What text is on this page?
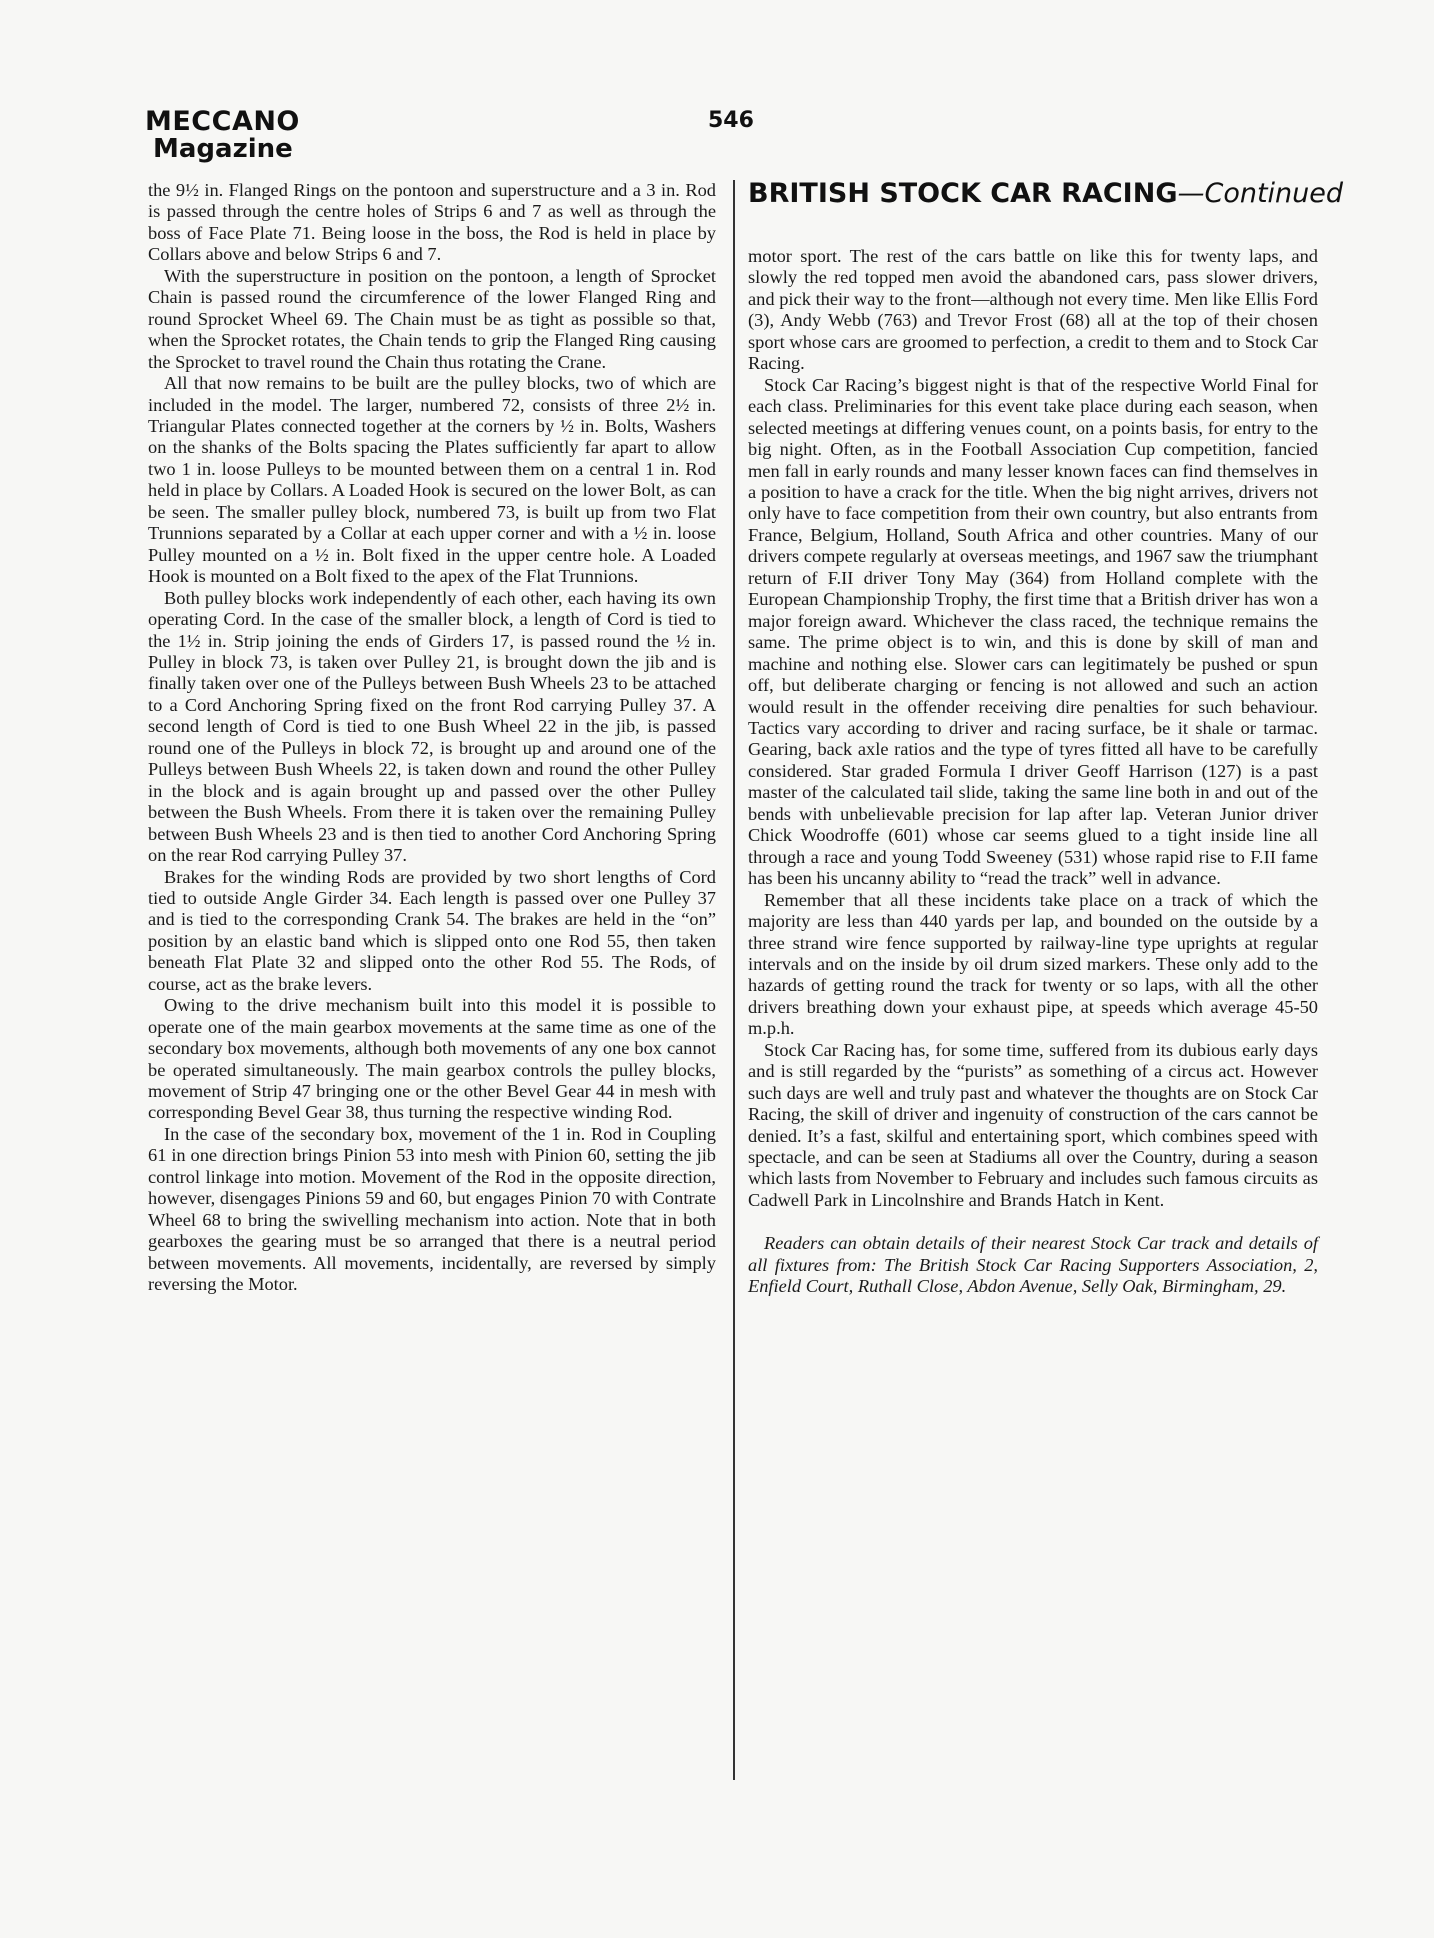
MECCANO
Magazine
546

the 9½ in. Flanged Rings on the pontoon and superstructure and a 3 in. Rod is passed through the centre holes of Strips 6 and 7 as well as through the boss of Face Plate 71. Being loose in the boss, the Rod is held in place by Collars above and below Strips 6 and 7.

With the superstructure in position on the pontoon, a length of Sprocket Chain is passed round the circumference of the lower Flanged Ring and round Sprocket Wheel 69. The Chain must be as tight as possible so that, when the Sprocket rotates, the Chain tends to grip the Flanged Ring causing the Sprocket to travel round the Chain thus rotating the Crane.

All that now remains to be built are the pulley blocks, two of which are included in the model. The larger, numbered 72, consists of three 2½ in. Triangular Plates connected together at the corners by ½ in. Bolts, Washers on the shanks of the Bolts spacing the Plates sufficiently far apart to allow two 1 in. loose Pulleys to be mounted between them on a central 1 in. Rod held in place by Collars. A Loaded Hook is secured on the lower Bolt, as can be seen. The smaller pulley block, numbered 73, is built up from two Flat Trunnions separated by a Collar at each upper corner and with a ½ in. loose Pulley mounted on a ½ in. Bolt fixed in the upper centre hole. A Loaded Hook is mounted on a Bolt fixed to the apex of the Flat Trunnions.

Both pulley blocks work independently of each other, each having its own operating Cord. In the case of the smaller block, a length of Cord is tied to the 1½ in. Strip joining the ends of Girders 17, is passed round the ½ in. Pulley in block 73, is taken over Pulley 21, is brought down the jib and is finally taken over one of the Pulleys between Bush Wheels 23 to be attached to a Cord Anchoring Spring fixed on the front Rod carrying Pulley 37. A second length of Cord is tied to one Bush Wheel 22 in the jib, is passed round one of the Pulleys in block 72, is brought up and around one of the Pulleys between Bush Wheels 22, is taken down and round the other Pulley in the block and is again brought up and passed over the other Pulley between the Bush Wheels. From there it is taken over the remaining Pulley between Bush Wheels 23 and is then tied to another Cord Anchoring Spring on the rear Rod carrying Pulley 37.

Brakes for the winding Rods are provided by two short lengths of Cord tied to outside Angle Girder 34. Each length is passed over one Pulley 37 and is tied to the corresponding Crank 54. The brakes are held in the “on” position by an elastic band which is slipped onto one Rod 55, then taken beneath Flat Plate 32 and slipped onto the other Rod 55. The Rods, of course, act as the brake levers.

Owing to the drive mechanism built into this model it is possible to operate one of the main gearbox movements at the same time as one of the secondary box movements, although both movements of any one box cannot be operated simultaneously. The main gearbox controls the pulley blocks, movement of Strip 47 bringing one or the other Bevel Gear 44 in mesh with corresponding Bevel Gear 38, thus turning the respective winding Rod.

In the case of the secondary box, movement of the 1 in. Rod in Coupling 61 in one direction brings Pinion 53 into mesh with Pinion 60, setting the jib control linkage into motion. Movement of the Rod in the opposite direction, however, disengages Pinions 59 and 60, but engages Pinion 70 with Contrate Wheel 68 to bring the swivelling mechanism into action. Note that in both gearboxes the gearing must be so arranged that there is a neutral period between movements. All movements, incidentally, are reversed by simply reversing the Motor.

BRITISH STOCK CAR RACING—Continued

motor sport. The rest of the cars battle on like this for twenty laps, and slowly the red topped men avoid the abandoned cars, pass slower drivers, and pick their way to the front—although not every time. Men like Ellis Ford (3), Andy Webb (763) and Trevor Frost (68) all at the top of their chosen sport whose cars are groomed to perfection, a credit to them and to Stock Car Racing.

Stock Car Racing’s biggest night is that of the respective World Final for each class. Preliminaries for this event take place during each season, when selected meetings at differing venues count, on a points basis, for entry to the big night. Often, as in the Football Association Cup competition, fancied men fall in early rounds and many lesser known faces can find themselves in a position to have a crack for the title. When the big night arrives, drivers not only have to face competition from their own country, but also entrants from France, Belgium, Holland, South Africa and other countries. Many of our drivers compete regularly at overseas meetings, and 1967 saw the triumphant return of F.II driver Tony May (364) from Holland complete with the European Championship Trophy, the first time that a British driver has won a major foreign award. Whichever the class raced, the technique remains the same. The prime object is to win, and this is done by skill of man and machine and nothing else. Slower cars can legitimately be pushed or spun off, but deliberate charging or fencing is not allowed and such an action would result in the offender receiving dire penalties for such behaviour. Tactics vary according to driver and racing surface, be it shale or tarmac. Gearing, back axle ratios and the type of tyres fitted all have to be carefully considered. Star graded Formula I driver Geoff Harrison (127) is a past master of the calculated tail slide, taking the same line both in and out of the bends with unbelievable precision for lap after lap. Veteran Junior driver Chick Woodroffe (601) whose car seems glued to a tight inside line all through a race and young Todd Sweeney (531) whose rapid rise to F.II fame has been his uncanny ability to “read the track” well in advance.

Remember that all these incidents take place on a track of which the majority are less than 440 yards per lap, and bounded on the outside by a three strand wire fence supported by railway-line type uprights at regular intervals and on the inside by oil drum sized markers. These only add to the hazards of getting round the track for twenty or so laps, with all the other drivers breathing down your exhaust pipe, at speeds which average 45-50 m.p.h.

Stock Car Racing has, for some time, suffered from its dubious early days and is still regarded by the “purists” as something of a circus act. However such days are well and truly past and whatever the thoughts are on Stock Car Racing, the skill of driver and ingenuity of construction of the cars cannot be denied. It’s a fast, skilful and entertaining sport, which combines speed with spectacle, and can be seen at Stadiums all over the Country, during a season which lasts from November to February and includes such famous circuits as Cadwell Park in Lincolnshire and Brands Hatch in Kent.

Readers can obtain details of their nearest Stock Car track and details of all fixtures from: The British Stock Car Racing Supporters Association, 2, Enfield Court, Ruthall Close, Abdon Avenue, Selly Oak, Birmingham, 29.
